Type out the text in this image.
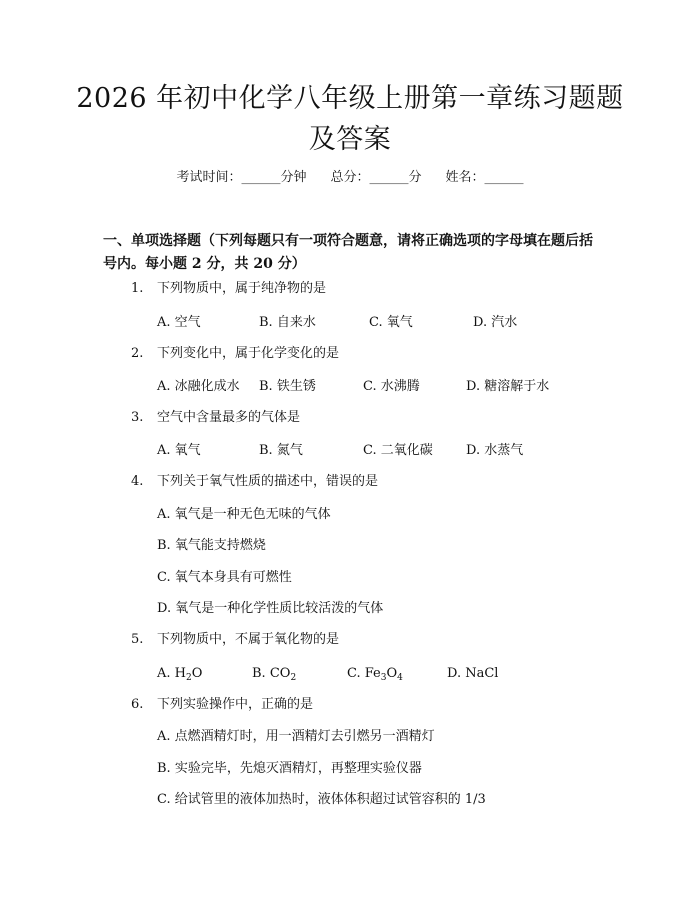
2026 年初中化学八年级上册第一章练习题题
及答案
考试时间：______分钟 总分：______分 姓名：______
一、单项选择题（下列每题只有一项符合题意，请将正确选项的字母填在题后括号内。每小题 2 分，共 20 分）
1. 下列物质中，属于纯净物的是
A. 空气	B. 自来水	C. 氧气	D. 汽水
2. 下列变化中，属于化学变化的是
A. 冰融化成水 B. 铁生锈	C. 水沸腾	D. 糖溶解于水
3. 空气中含量最多的气体是
A. 氧气	B. 氮气	C. 二氧化碳	D. 水蒸气
4. 下列关于氧气性质的描述中，错误的是
A. 氧气是一种无色无味的气体
B. 氧气能支持燃烧
C. 氧气本身具有可燃性
D. 氧气是一种化学性质比较活泼的气体
5. 下列物质中，不属于氧化物的是
A. $H_2O$	B. $CO_2$	C. $Fe_3O_4$	D. NaCl
6. 下列实验操作中，正确的是
A. 点燃酒精灯时，用一酒精灯去引燃另一酒精灯
B. 实验完毕，先熄灭酒精灯，再整理实验仪器
C. 给试管里的液体加热时，液体体积超过试管容积的 1/3
